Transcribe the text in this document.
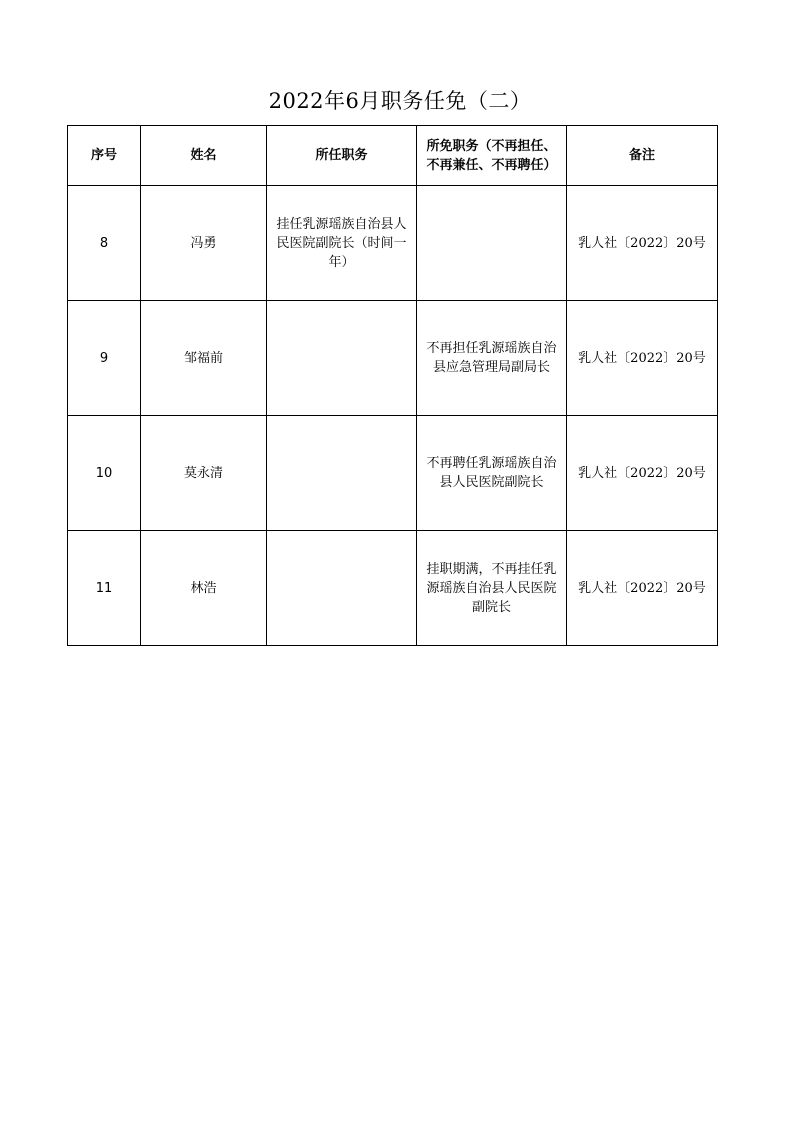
2022年6月职务任免（二）
序号	姓名	所任职务	所免职务（不再担任、不再兼任、不再聘任）	备注
8	冯勇	挂任乳源瑶族自治县人民医院副院长（时间一年）		乳人社〔2022〕20号
9	邹福前		不再担任乳源瑶族自治县应急管理局副局长	乳人社〔2022〕20号
10	莫永清		不再聘任乳源瑶族自治县人民医院副院长	乳人社〔2022〕20号
11	林浩		挂职期满，不再挂任乳源瑶族自治县人民医院副院长	乳人社〔2022〕20号
